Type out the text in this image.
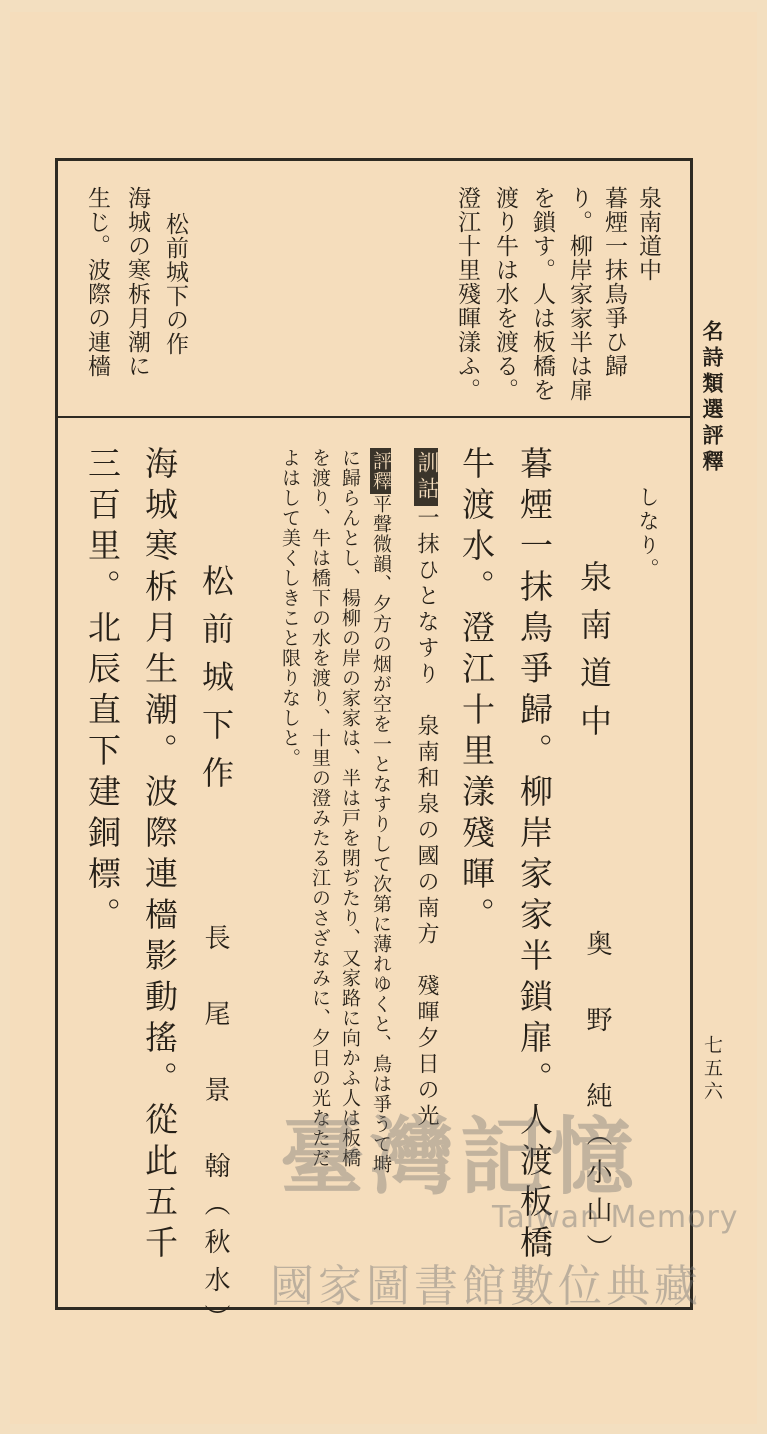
名詩類選評釋
七五六
泉南道中
暮煙一抹鳥爭ひ歸
り。柳岸家家半は扉
を鎖す。人は板橋を
渡り牛は水を渡る。
澄江十里殘暉漾ふ。
松前城下の作
海城の寒柝月潮に
生じ。波際の連檣
しなり。
泉南道中
奥　野　純（小山）
暮煙一抹鳥爭歸。柳岸家家半鎖扉。人渡板橋
牛渡水。澄江十里漾殘暉。
訓詁一抹ひとなすり　泉南和泉の國の南方　殘暉夕日の光
評釋平聲微韻、夕方の烟が空を一となすりして次第に薄れゆくと、鳥は爭うて塒
に歸らんとし、楊柳の岸の家家は、半は戸を閉ぢたり、又家路に向かふ人は板橋
を渡り、牛は橋下の水を渡り、十里の澄みたる江のさざなみに、夕日の光なただ
よはして美くしきこと限りなしと。
松前城下作
長　尾　景　翰（秋水）
海城寒柝月生潮。波際連檣影動搖。從此五千
三百里。北辰直下建銅標。
臺灣記憶
Taiwan Memory
國家圖書館數位典藏
